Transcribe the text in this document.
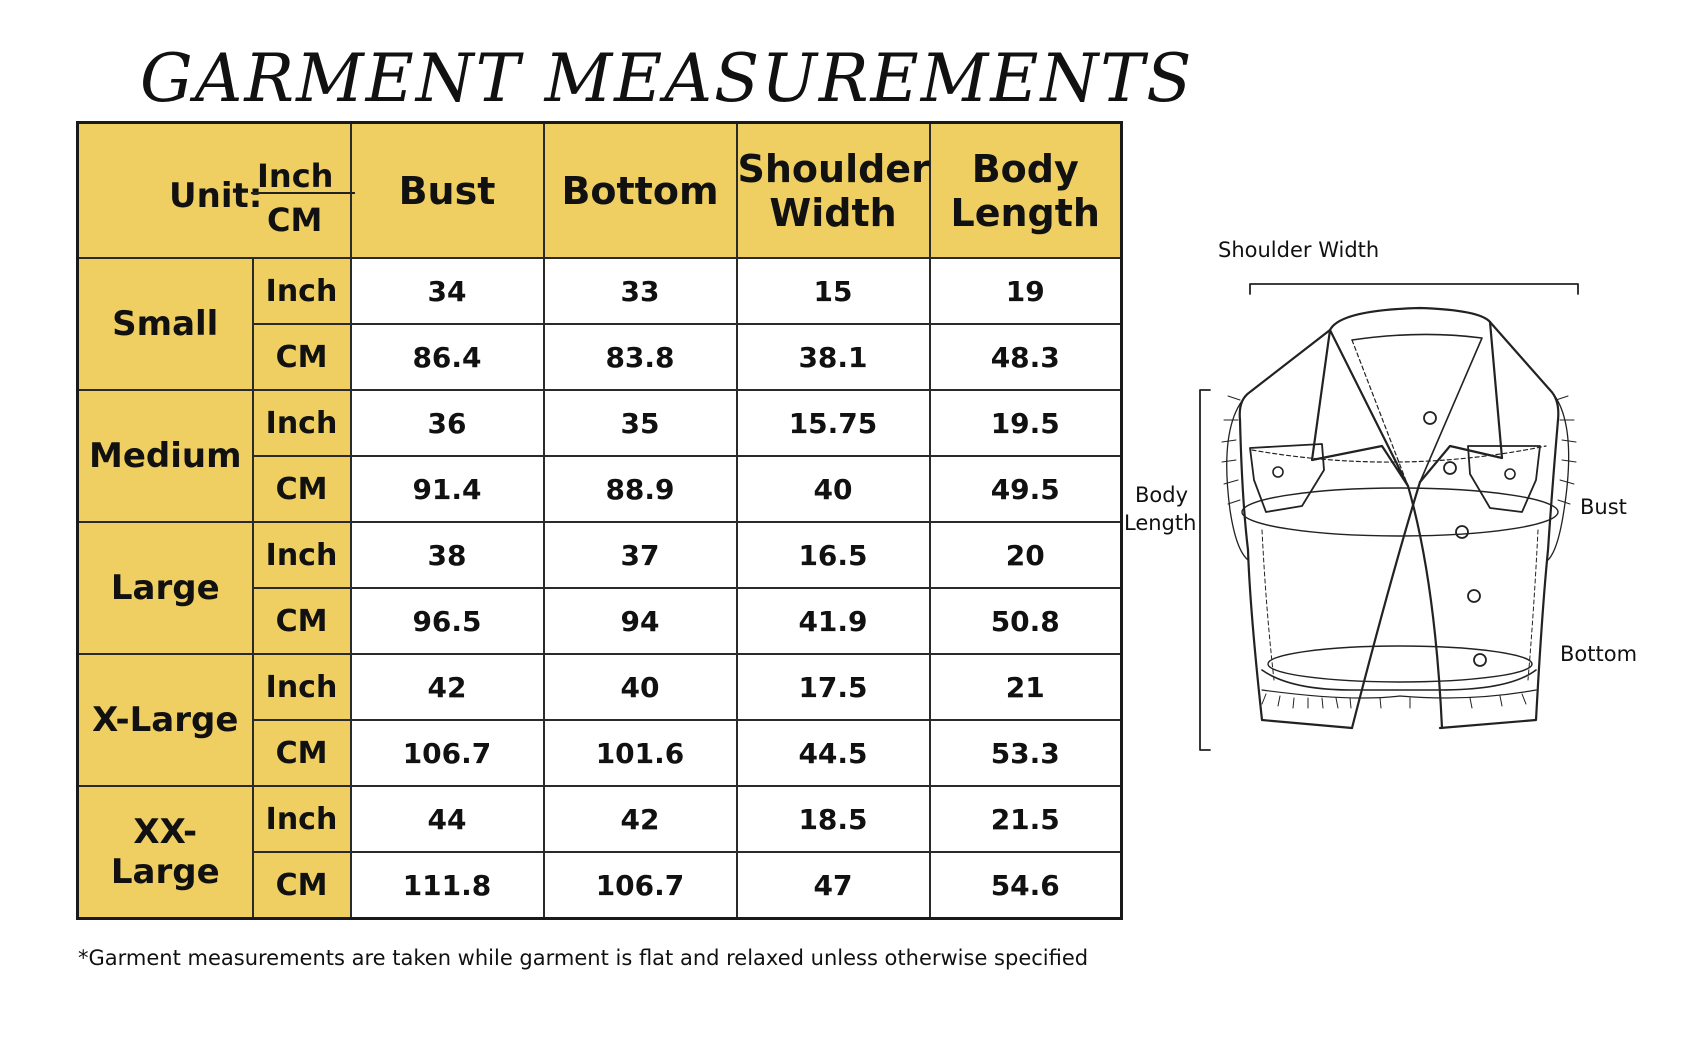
GARMENT MEASUREMENTS
Unit:
Inch
CM		Bust	Bottom	Shoulder Width	Body Length
Small	Inch	34	33	15	19
	CM	86.4	83.8	38.1	48.3
Medium	Inch	36	35	15.75	19.5
	CM	91.4	88.9	40	49.5
Large	Inch	38	37	16.5	20
	CM	96.5	94	41.9	50.8
X-Large	Inch	42	40	17.5	21
	CM	106.7	101.6	44.5	53.3
XX-Large	Inch	44	42	18.5	21.5
	CM	111.8	106.7	47	54.6
*Garment measurements are taken while garment is flat and relaxed unless otherwise specified
Shoulder Width
Body
Length
Bust
Bottom
